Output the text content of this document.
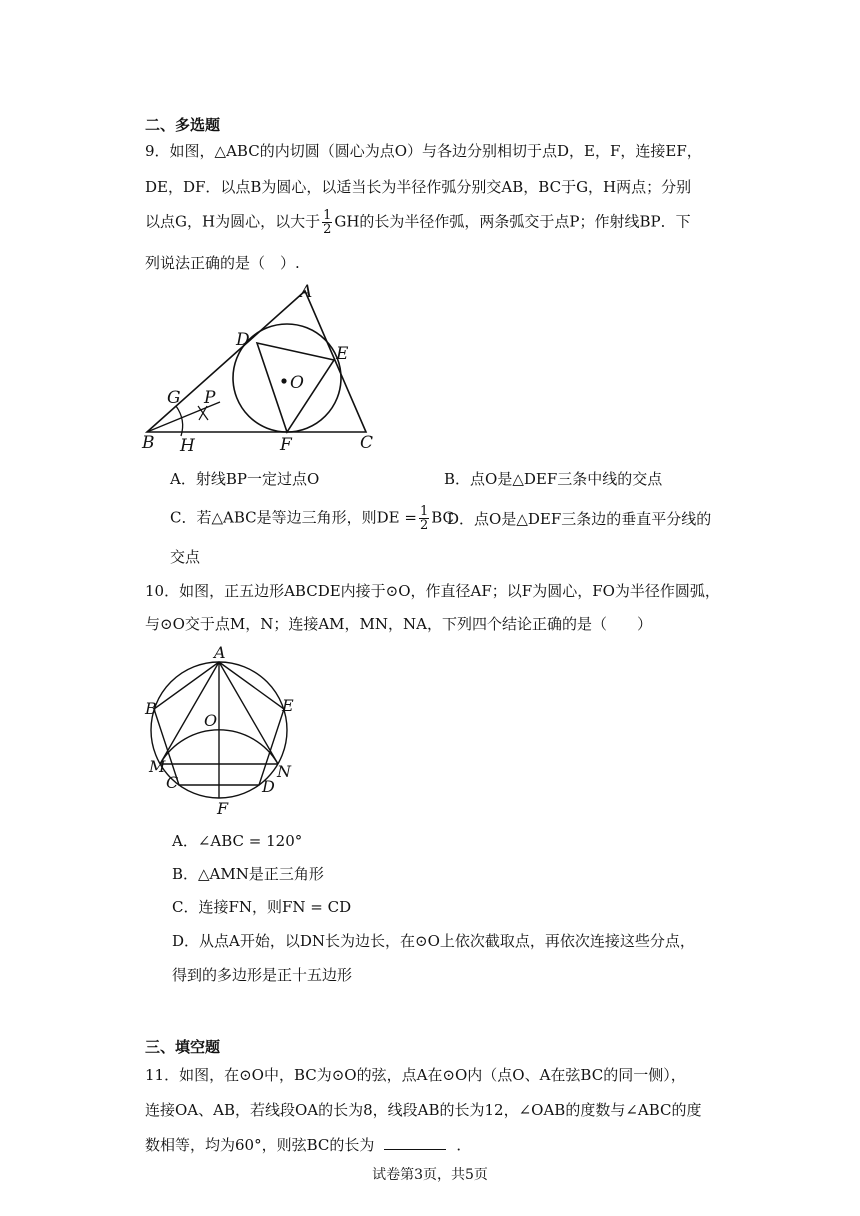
二、多选题
9．如图，△ABC的内切圆（圆心为点O）与各边分别相切于点D，E，F，连接EF，
DE，DF．以点B为圆心，以适当长为半径作弧分别交AB，BC于G，H两点；分别
以点G，H为圆心，以大于 $\frac{1}{2}$ GH的长为半径作弧，两条弧交于点P；作射线BP．下
列说法正确的是（　）.
A
B	C
D
E
F
G
H
P
O
A．射线BP一定过点O	B．点O是△DEF三条中线的交点
C．若△ABC是等边三角形，则DE = $\frac{1}{2}$ BC
D．点O是△DEF三条边的垂直平分线的
交点
10．如图，正五边形ABCDE内接于⊙O，作直径AF；以F为圆心，FO为半径作圆弧，
与⊙O交于点M，N；连接AM，MN，NA，下列四个结论正确的是（　　）
A
B
C	D
E
F
M	N
O
A．∠ABC = 120°
B．△AMN是正三角形
C．连接FN，则FN = CD
D．从点A开始，以DN长为边长，在⊙O上依次截取点，再依次连接这些分点，
得到的多边形是正十五边形
三、填空题
11．如图，在⊙O中，BC为⊙O的弦，点A在⊙O内（点O、A在弦BC的同一侧），
连接OA、AB，若线段OA的长为8，线段AB的长为12，∠OAB的度数与∠ABC的度
数相等，均为60°，则弦BC的长为	．
试卷第3页，共5页
